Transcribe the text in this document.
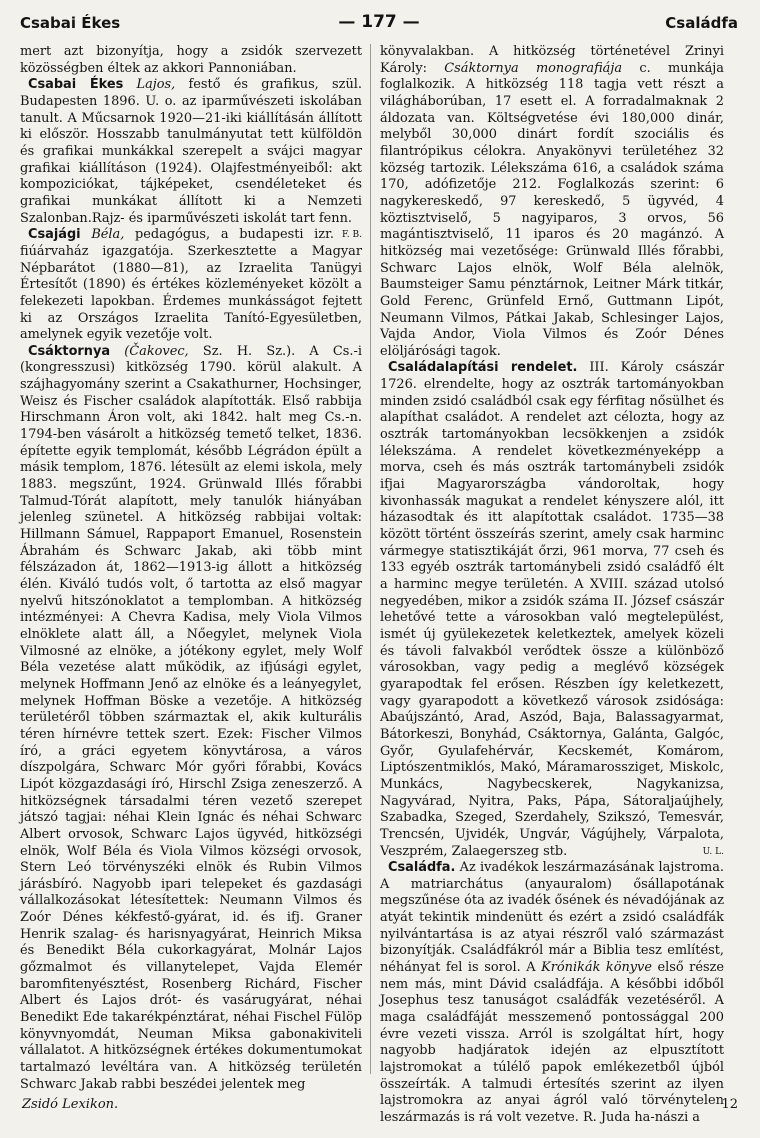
Csabai Ékes	— 177 —	Családfa

mert azt bizonyítja, hogy a zsidók szervezett közösségben éltek az akkori Pannoniában.

Csabai Ékes Lajos, festő és grafikus, szül. Budapesten 1896. U. o. az iparművészeti iskolában tanult. A Műcsarnok 1920—21-iki kiállításán állított ki először. Hosszabb tanulmányutat tett külföldön és grafikai munkákkal szerepelt a svájci magyar grafikai kiállításon (1924). Olajfestményeiből: akt kompoziciókat, tájképeket, csendéleteket és grafikai munkákat állított ki a Nemzeti Szalonban.Rajz- és iparművészeti iskolát tart fenn.
F. B.

Csajági Béla, pedagógus, a budapesti izr. fiúárvaház igazgatója. Szerkesztette a Magyar Népbarátot (1880—81), az Izraelita Tanügyi Értesítőt (1890) és értékes közleményeket közölt a felekezeti lapokban. Érdemes munkásságot fejtett ki az Országos Izraelita Tanító-Egyesületben, amelynek egyik vezetője volt.

Csáktornya (Čakovec, Sz. H. Sz.). A Cs.-i (kongresszusi) kitközség 1790. körül alakult. A szájhagyomány szerint a Csakathurner, Hochsinger, Weisz és Fischer családok alapították. Első rabbija Hirschmann Áron volt, aki 1842. halt meg Cs.-n. 1794-ben vásárolt a hitközség temető telket, 1836. építette egyik templomát, később Légrádon épült a másik templom, 1876. létesült az elemi iskola, mely 1883. megszűnt, 1924. Grünwald Illés főrabbi Talmud-Tórát alapított, mely tanulók hiányában jelenleg szünetel. A hitközség rabbijai voltak: Hillmann Sámuel, Rappaport Emanuel, Rosenstein Ábrahám és Schwarc Jakab, aki több mint félszázadon át, 1862—1913-ig állott a hitközség élén. Kiváló tudós volt, ő tartotta az első magyar nyelvű hitszónoklatot a templomban. A hitközség intézményei: A Chevra Kadisa, mely Viola Vilmos elnöklete alatt áll, a Nőegylet, melynek Viola Vilmosné az elnöke, a jótékony egylet, mely Wolf Béla vezetése alatt működik, az ifjúsági egylet, melynek Hoffmann Jenő az elnöke és a leányegylet, melynek Hoffman Böske a vezetője. A hitközség területéről többen származtak el, akik kulturális téren hírnévre tettek szert. Ezek: Fischer Vilmos író, a gráci egyetem könyvtárosa, a város díszpolgára, Schwarc Mór győri főrabbi, Kovács Lipót közgazdasági író, Hirschl Zsiga zeneszerző. A hitközségnek társadalmi téren vezető szerepet játszó tagjai: néhai Klein Ignác és néhai Schwarc Albert orvosok, Schwarc Lajos ügyvéd, hitközségi elnök, Wolf Béla és Viola Vilmos községi orvosok, Stern Leó törvényszéki elnök és Rubin Vilmos járásbíró. Nagyobb ipari telepeket és gazdasági vállalkozásokat létesítettek: Neumann Vilmos és Zoór Dénes kékfestő-gyárat, id. és ifj. Graner Henrik szalag- és harisnyagyárat, Heinrich Miksa és Benedikt Béla cukorkagyárat, Molnár Lajos gőzmalmot és villanytelepet, Vajda Elemér baromfitenyésztést, Rosenberg Richárd, Fischer Albert és Lajos drót- és vasárugyárat, néhai Benedikt Ede takarékpénztárat, néhai Fischel Fülöp könyvnyomdát, Neuman Miksa gabonakiviteli vállalatot. A hitközségnek értékes dokumentumokat tartalmazó levéltára van. A hitközség területén Schwarc Jakab rabbi beszédei jelentek meg

könyvalakban. A hitközség történetével Zrinyi Károly: Csáktornya monografiája c. munkája foglalkozik. A hitközség 118 tagja vett részt a világháborúban, 17 esett el. A forradalmaknak 2 áldozata van. Költségvetése évi 180,000 dinár, melyből 30,000 dinárt fordít szociális és filantrópikus célokra. Anyakönyvi területéhez 32 község tartozik. Lélekszáma 616, a családok száma 170, adófizetője 212. Foglalkozás szerint: 6 nagykereskedő, 97 kereskedő, 5 ügyvéd, 4 köztisztviselő, 5 nagyiparos, 3 orvos, 56 magántisztviselő, 11 iparos és 20 magánzó. A hitközség mai vezetősége: Grünwald Illés főrabbi, Schwarc Lajos elnök, Wolf Béla alelnök, Baumsteiger Samu pénztárnok, Leitner Márk titkár, Gold Ferenc, Grünfeld Ernő, Guttmann Lipót, Neumann Vilmos, Pátkai Jakab, Schlesinger Lajos, Vajda Andor, Viola Vilmos és Zoór Dénes elöljárósági tagok.

Családalapítási rendelet. III. Károly császár 1726. elrendelte, hogy az osztrák tartományokban minden zsidó családból csak egy férfitag nősülhet és alapíthat családot. A rendelet azt célozta, hogy az osztrák tartományokban lecsökkenjen a zsidók lélekszáma. A rendelet következményeképp a morva, cseh és más osztrák tartománybeli zsidók ifjai Magyarországba vándoroltak, hogy kivonhassák magukat a rendelet kényszere alól, itt házasodtak és itt alapítottak családot. 1735—38 között történt összeírás szerint, amely csak harminc vármegye statisztikáját őrzi, 961 morva, 77 cseh és 133 egyéb osztrák tartománybeli zsidó családfő élt a harminc megye területén. A XVIII. század utolsó negyedében, mikor a zsidók száma II. József császár lehetővé tette a városokban való megtelepülést, ismét új gyülekezetek keletkeztek, amelyek közeli és távoli falvakból verődtek össze a különböző városokban, vagy pedig a meglévő községek gyarapodtak fel erősen. Részben így keletkezett, vagy gyarapodott a következő városok zsidósága: Abaújszántó, Arad, Aszód, Baja, Balassagyarmat, Bátorkeszi, Bonyhád, Csáktornya, Galánta, Galgóc, Győr, Gyulafehérvár, Kecskemét, Komárom, Liptószentmiklós, Makó, Máramarossziget, Miskolc, Munkács, Nagybecskerek, Nagykanizsa, Nagyvárad, Nyitra, Paks, Pápa, Sátoraljaújhely, Szabadka, Szeged, Szerdahely, Szikszó, Temesvár, Trencsén, Ujvidék, Ungvár, Vágújhely, Várpalota, Veszprém, Zalaegerszeg stb.	U. L.

Családfa. Az ivadékok leszármazásának lajstroma. A matriarchátus (anyauralom) ősállapotának megszűnése óta az ivadék ősének és névadójának az atyát tekintik mindenütt és ezért a zsidó családfák nyilvántartása is az atyai részről való származást bizonyítják. Családfákról már a Biblia tesz említést, néhányat fel is sorol. A Krónikák könyve első része nem más, mint Dávid családfája. A későbbi időből Josephus tesz tanuságot családfák vezetéséről. A maga családfáját messzemenő pontossággal 200 évre vezeti vissza. Arról is szolgáltat hírt, hogy nagyobb hadjáratok idején az elpusztított lajstromokat a túlélő papok emlékezetből újból összeírták. A talmudi értesítés szerint az ilyen lajstromokra az anyai ágról való törvénytelen leszármazás is rá volt vezetve. R. Juda ha-nászi a

Zsidó Lexikon.	12
